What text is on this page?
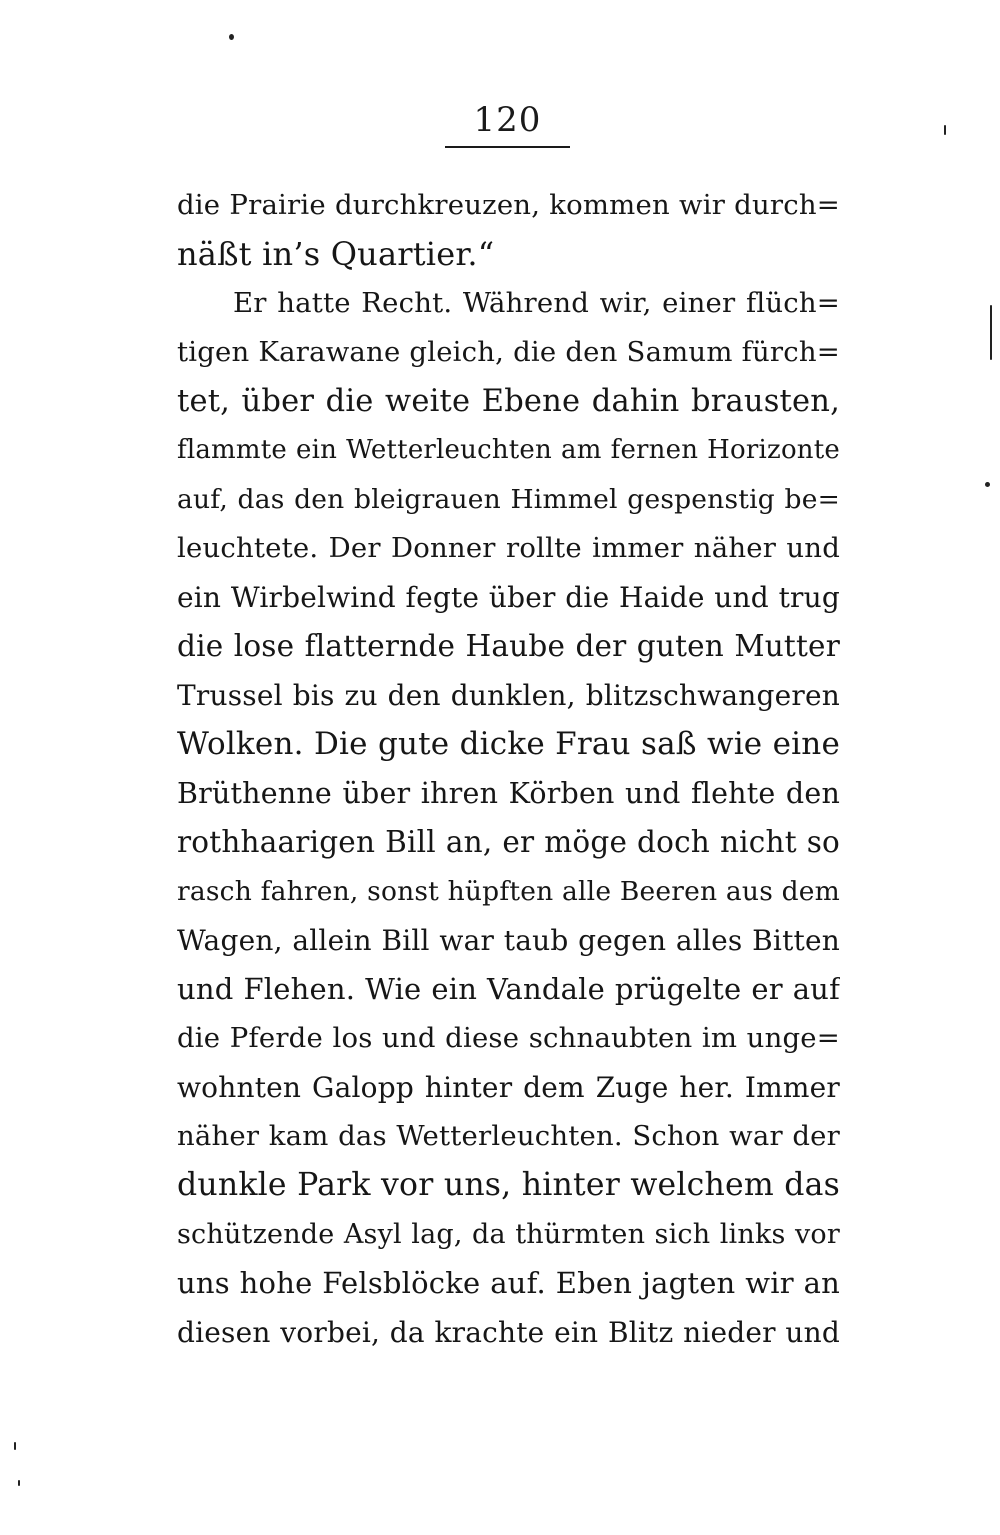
120
die Prairie durchkreuzen, kommen wir durch=
näßt in’s Quartier.“
Er hatte Recht. Während wir, einer flüch=
tigen Karawane gleich, die den Samum fürch=
tet, über die weite Ebene dahin brausten,
flammte ein Wetterleuchten am fernen Horizonte
auf, das den bleigrauen Himmel gespenstig be=
leuchtete. Der Donner rollte immer näher und
ein Wirbelwind fegte über die Haide und trug
die lose flatternde Haube der guten Mutter
Trussel bis zu den dunklen, blitzschwangeren
Wolken. Die gute dicke Frau saß wie eine
Brüthenne über ihren Körben und flehte den
rothhaarigen Bill an, er möge doch nicht so
rasch fahren, sonst hüpften alle Beeren aus dem
Wagen, allein Bill war taub gegen alles Bitten
und Flehen. Wie ein Vandale prügelte er auf
die Pferde los und diese schnaubten im unge=
wohnten Galopp hinter dem Zuge her. Immer
näher kam das Wetterleuchten. Schon war der
dunkle Park vor uns, hinter welchem das
schützende Asyl lag, da thürmten sich links vor
uns hohe Felsblöcke auf. Eben jagten wir an
diesen vorbei, da krachte ein Blitz nieder und
